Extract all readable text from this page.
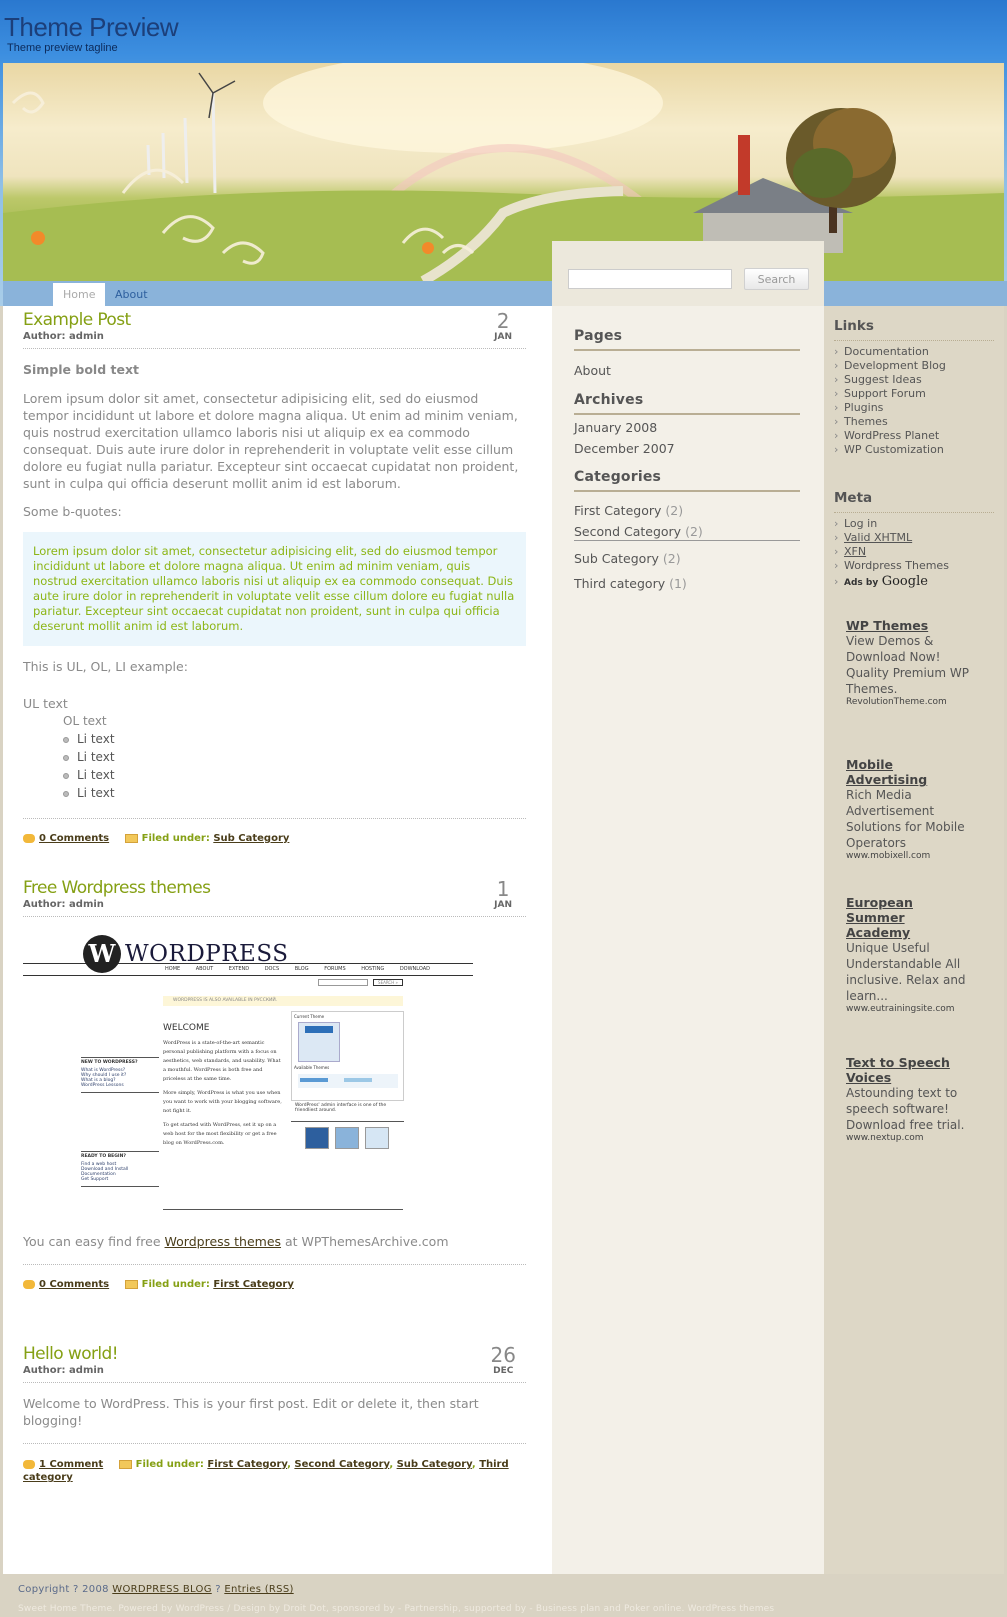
Theme Preview
Theme preview tagline
Home	About
Search
Example Post
Author: admin
2
JAN
Simple bold text
Lorem ipsum dolor sit amet, consectetur adipisicing elit, sed do eiusmod tempor incididunt ut labore et dolore magna aliqua. Ut enim ad minim veniam, quis nostrud exercitation ullamco laboris nisi ut aliquip ex ea commodo consequat. Duis aute irure dolor in reprehenderit in voluptate velit esse cillum dolore eu fugiat nulla pariatur. Excepteur sint occaecat cupidatat non proident, sunt in culpa qui officia deserunt mollit anim id est laborum.
Some b-quotes:
Lorem ipsum dolor sit amet, consectetur adipisicing elit, sed do eiusmod tempor incididunt ut labore et dolore magna aliqua. Ut enim ad minim veniam, quis nostrud exercitation ullamco laboris nisi ut aliquip ex ea commodo consequat. Duis aute irure dolor in reprehenderit in voluptate velit esse cillum dolore eu fugiat nulla pariatur. Excepteur sint occaecat cupidatat non proident, sunt in culpa qui officia deserunt mollit anim id est laborum.
This is UL, OL, LI example:
UL text
OL text
Li text
Li text
Li text
Li text
0 Comments	Filed under: Sub Category
Free Wordpress themes
Author: admin
1
JAN
W WORDPRESS
HOME	ABOUT	EXTEND	DOCS	BLOG	FORUMS	HOSTING	DOWNLOAD
SEARCH »
WORDPRESS IS ALSO AVAILABLE IN РУССКИЙ.
WELCOME
WordPress is a state-of-the-art semantic personal publishing platform with a focus on aesthetics, web standards, and usability. What a mouthful. WordPress is both free and priceless at the same time.
More simply, WordPress is what you use when you want to work with your blogging software, not fight it.
To get started with WordPress, set it up on a web host for the most flexibility or get a free blog on WordPress.com.
Current Theme
Available Themes
WordPress' admin interface is one of the friendliest around.
NEW TO WORDPRESS?
What is WordPress?
Why should I use it?
What is a blog?
WordPress Lessons
READY TO BEGIN?
Find a web host
Download and Install
Documentation
Get Support
You can easy find free Wordpress themes at WPThemesArchive.com
0 Comments	Filed under: First Category
Hello world!
Author: admin
26
DEC
Welcome to WordPress. This is your first post. Edit or delete it, then start blogging!
1 Comment	Filed under: First Category, Second Category, Sub Category, Third category
Pages
About
Archives
January 2008
December 2007
Categories
First Category (2)
Second Category (2)
Sub Category (2)
Third category (1)
Links
› Documentation
› Development Blog
› Suggest Ideas
› Support Forum
› Plugins
› Themes
› WordPress Planet
› WP Customization
Meta
› Log in
› Valid XHTML
› XFN
› Wordpress Themes
› Ads by Google
WP Themes
View Demos & Download Now! Quality Premium WP Themes.
RevolutionTheme.com
Mobile Advertising
Rich Media Advertisement Solutions for Mobile Operators
www.mobixell.com
European Summer Academy
Unique Useful Understandable All inclusive. Relax and learn...
www.eutrainingsite.com
Text to Speech Voices
Astounding text to speech software! Download free trial.
www.nextup.com
Copyright ? 2008 WORDPRESS BLOG ? Entries (RSS)
Sweet Home Theme. Powered by WordPress / Design by Droit Dot, sponsored by - Partnership, supported by - Business plan and Poker online. WordPress themes
